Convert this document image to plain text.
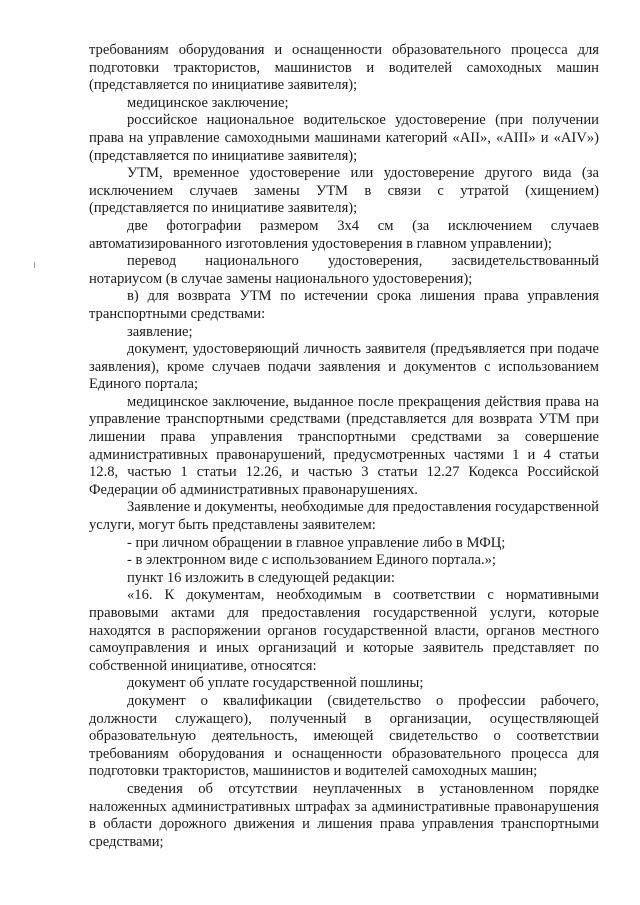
требованиям оборудования и оснащенности образовательного процесса для подготовки трактористов, машинистов и водителей самоходных машин (представляется по инициативе заявителя);

медицинское заключение;

российское национальное водительское удостоверение (при получении права на управление самоходными машинами категорий «AII», «AIII» и «AIV») (представляется по инициативе заявителя);

УТМ, временное удостоверение или удостоверение другого вида (за исключением случаев замены УТМ в связи с утратой (хищением) (представляется по инициативе заявителя);

две фотографии размером 3x4 см (за исключением случаев автоматизированного изготовления удостоверения в главном управлении);

перевод национального удостоверения, засвидетельствованный нотариусом (в случае замены национального удостоверения);

в) для возврата УТМ по истечении срока лишения права управления транспортными средствами:

заявление;

документ, удостоверяющий личность заявителя (предъявляется при подаче заявления), кроме случаев подачи заявления и документов с использованием Единого портала;

медицинское заключение, выданное после прекращения действия права на управление транспортными средствами (представляется для возврата УТМ при лишении права управления транспортными средствами за совершение административных правонарушений, предусмотренных частями 1 и 4 статьи 12.8, частью 1 статьи 12.26, и частью 3 статьи 12.27 Кодекса Российской Федерации об административных правонарушениях.

Заявление и документы, необходимые для предоставления государственной услуги, могут быть представлены заявителем:

- при личном обращении в главное управление либо в МФЦ;

- в электронном виде с использованием Единого портала.»;

пункт 16 изложить в следующей редакции:

«16. К документам, необходимым в соответствии с нормативными правовыми актами для предоставления государственной услуги, которые находятся в распоряжении органов государственной власти, органов местного самоуправления и иных организаций и которые заявитель представляет по собственной инициативе, относятся:

документ об уплате государственной пошлины;

документ о квалификации (свидетельство о профессии рабочего, должности служащего), полученный в организации, осуществляющей образовательную деятельность, имеющей свидетельство о соответствии требованиям оборудования и оснащенности образовательного процесса для подготовки трактористов, машинистов и водителей самоходных машин;

сведения об отсутствии неуплаченных в установленном порядке наложенных административных штрафах за административные правонарушения в области дорожного движения и лишения права управления транспортными средствами;
